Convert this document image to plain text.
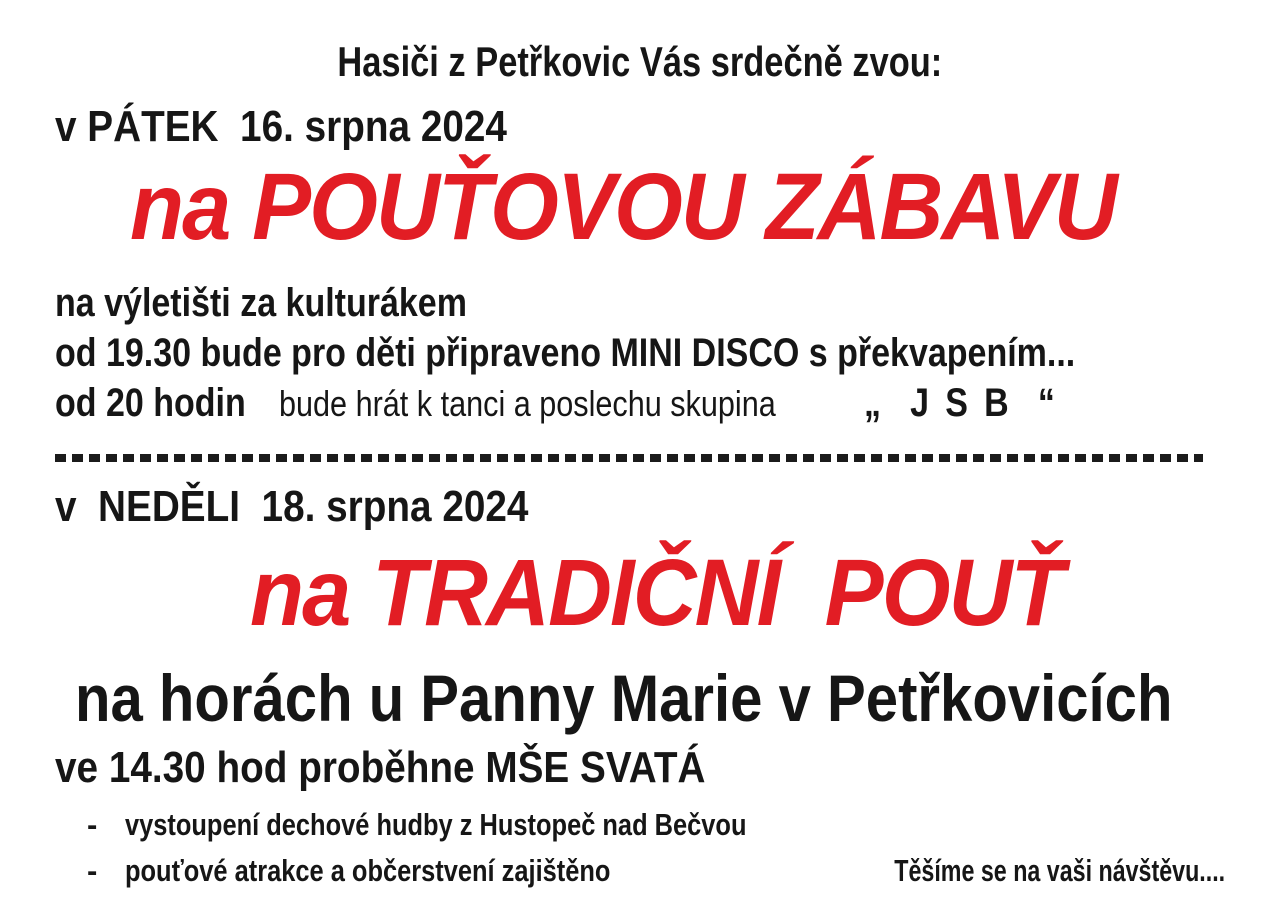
Hasiči z Petřkovic Vás srdečně zvou:
v PÁTEK  16. srpna 2024
na POUŤOVOU ZÁBAVU
na výletišti za kulturákem
od 19.30 bude pro děti připraveno MINI DISCO s překvapením...
od 20 hodin bude hrát k tanci a poslechu skupina „  J S B  “
v  NEDĚLI  18. srpna 2024
na TRADIČNÍ  POUŤ
na horách u Panny Marie v Petřkovicích
ve 14.30 hod proběhne MŠE SVATÁ
- vystoupení dechové hudby z Hustopeč nad Bečvou
- pouťové atrakce a občerstvení zajištěno	Těšíme se na vaši návštěvu....
